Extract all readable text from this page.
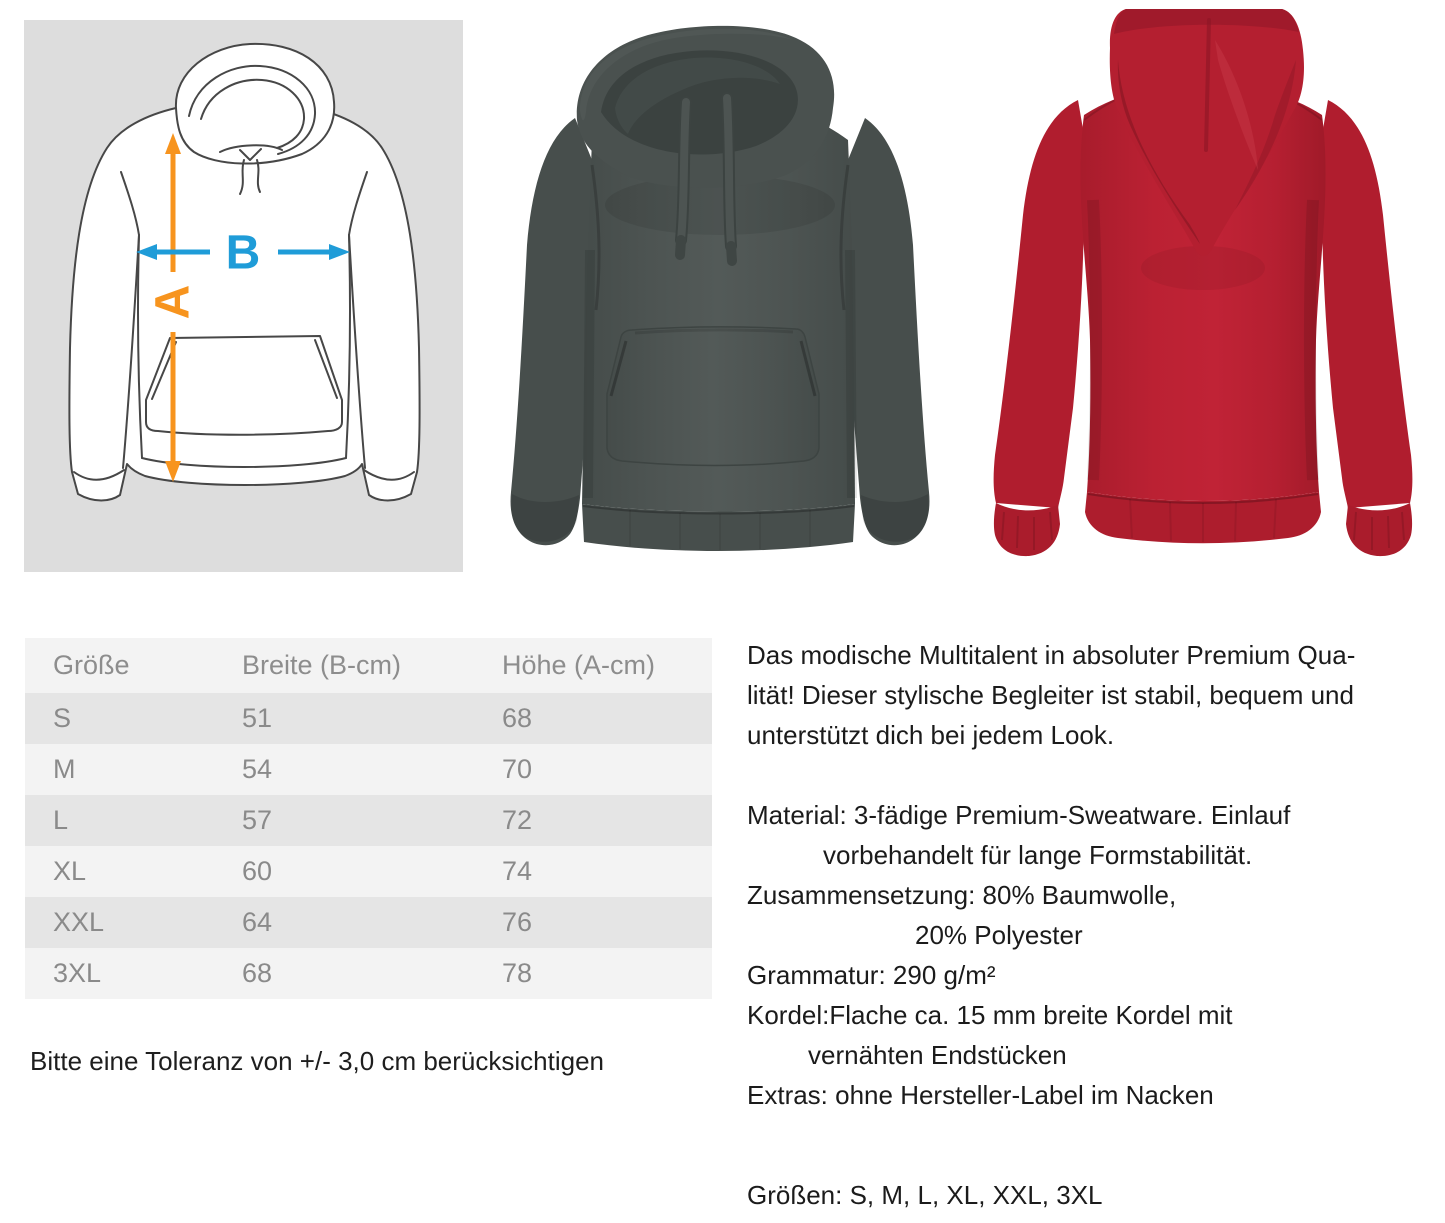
A
B
Größe	Breite (B-cm)	Höhe (A-cm)
S	51	68
M	54	70
L	57	72
XL	60	74
XXL	64	76
3XL	68	78
Bitte eine Toleranz von +/- 3,0 cm berücksichtigen
Das modische Multitalent in absoluter Premium Qua-
lität! Dieser stylische Begleiter ist stabil, bequem und
unterstützt dich bei jedem Look.
Material: 3-fädige Premium-Sweatware. Einlauf
vorbehandelt für lange Formstabilität.
Zusammensetzung: 80% Baumwolle,
20% Polyester
Grammatur: 290 g/m²
Kordel:Flache ca. 15 mm breite Kordel mit
vernähten Endstücken
Extras: ohne Hersteller-Label im Nacken
Größen: S, M, L, XL, XXL, 3XL
